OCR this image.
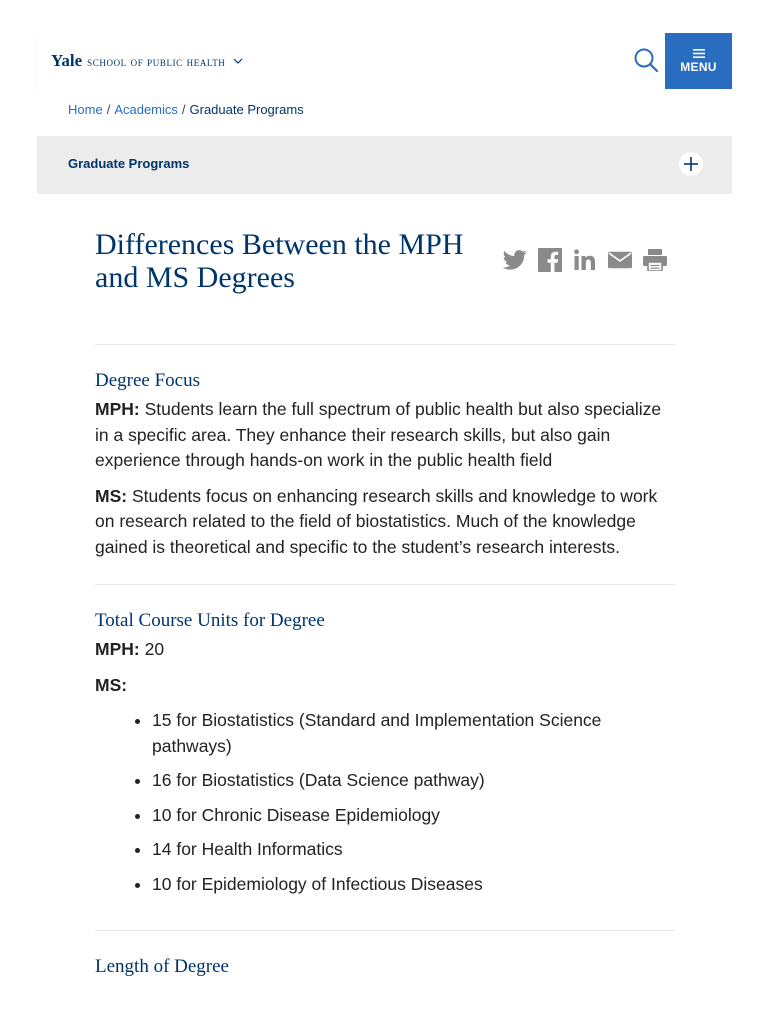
Yale school of public health	MENU
Home / Academics / Graduate Programs
Graduate Programs
Differences Between the MPH and MS Degrees
Degree Focus

MPH: Students learn the full spectrum of public health but also specialize in a specific area. They enhance their research skills, but also gain experience through hands-on work in the public health field

MS: Students focus on enhancing research skills and knowledge to work on research related to the field of biostatistics. Much of the knowledge gained is theoretical and specific to the student’s research interests.

Total Course Units for Degree

MPH: 20

MS:

• 15 for Biostatistics (Standard and Implementation Science pathways)
• 16 for Biostatistics (Data Science pathway)
• 10 for Chronic Disease Epidemiology
• 14 for Health Informatics
• 10 for Epidemiology of Infectious Diseases
Length of Degree
